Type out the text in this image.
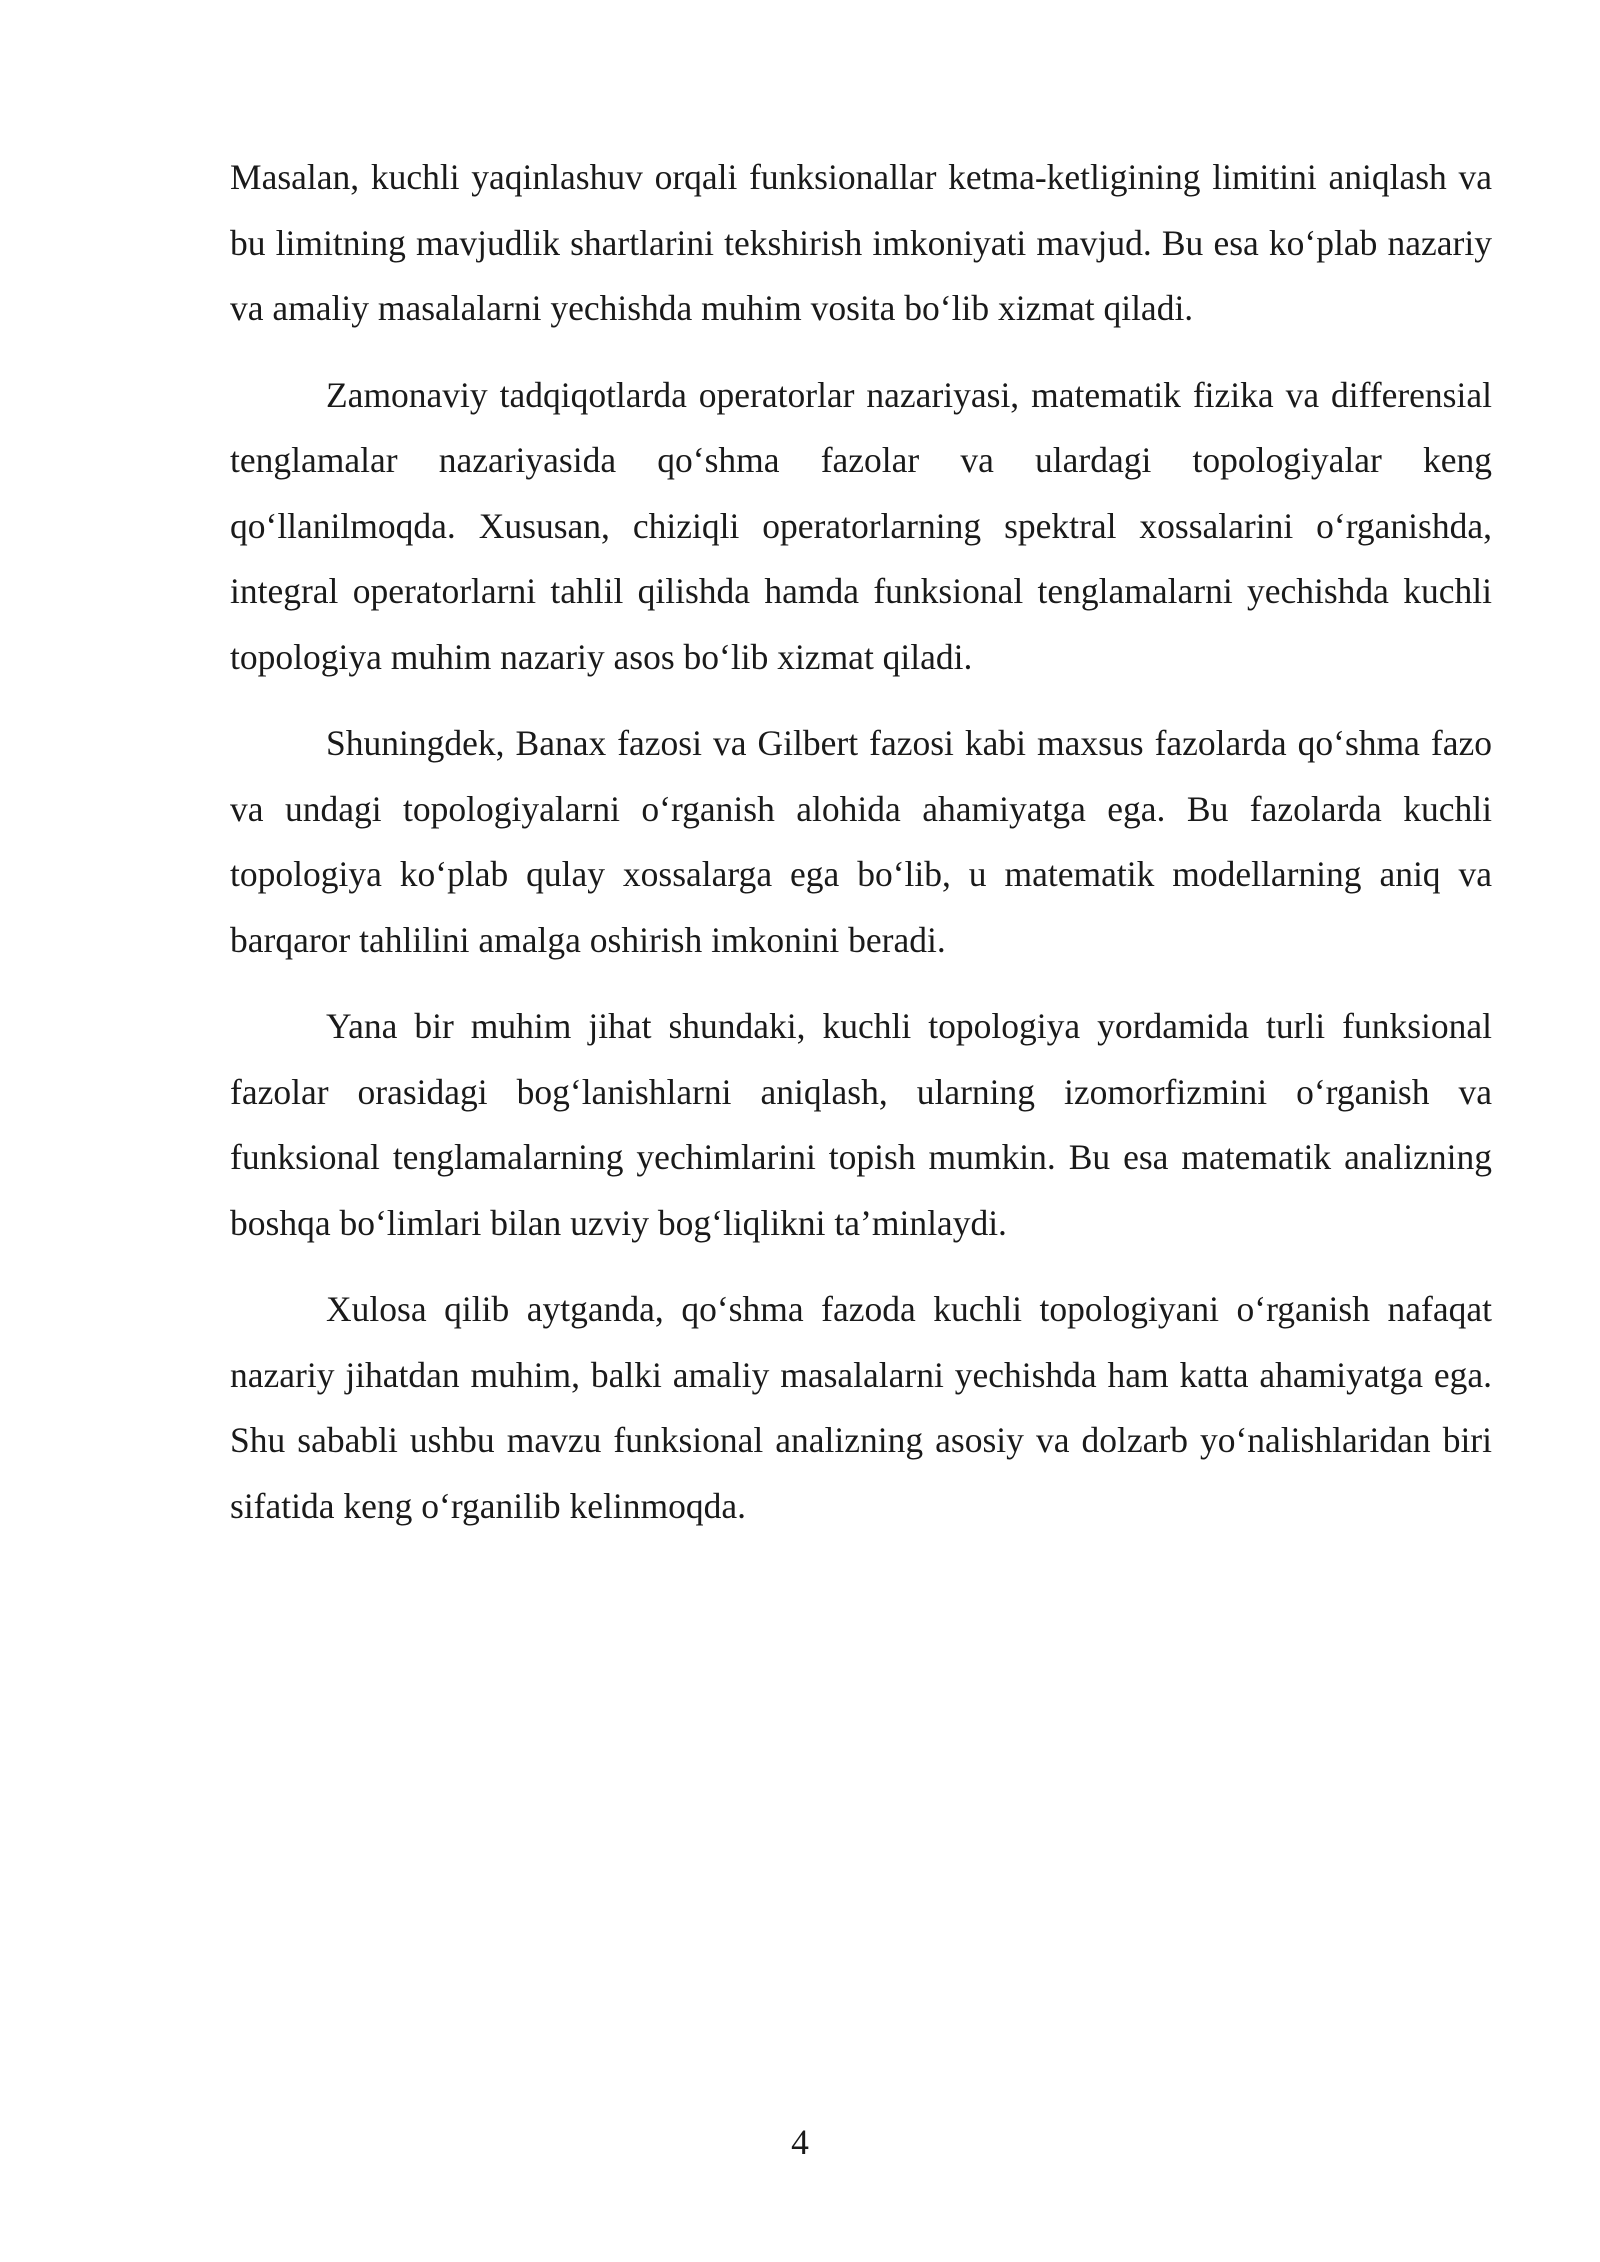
Masalan, kuchli yaqinlashuv orqali funksionallar ketma-ketligining limitini aniqlash va bu limitning mavjudlik shartlarini tekshirish imkoniyati mavjud. Bu esa ko‘plab nazariy va amaliy masalalarni yechishda muhim vosita bo‘lib xizmat qiladi.

Zamonaviy tadqiqotlarda operatorlar nazariyasi, matematik fizika va differensial tenglamalar nazariyasida qo‘shma fazolar va ulardagi topologiyalar keng qo‘llanilmoqda. Xususan, chiziqli operatorlarning spektral xossalarini o‘rganishda, integral operatorlarni tahlil qilishda hamda funksional tenglamalarni yechishda kuchli topologiya muhim nazariy asos bo‘lib xizmat qiladi.

Shuningdek, Banax fazosi va Gilbert fazosi kabi maxsus fazolarda qo‘shma fazo va undagi topologiyalarni o‘rganish alohida ahamiyatga ega. Bu fazolarda kuchli topologiya ko‘plab qulay xossalarga ega bo‘lib, u matematik modellarning aniq va barqaror tahlilini amalga oshirish imkonini beradi.

Yana bir muhim jihat shundaki, kuchli topologiya yordamida turli funksional fazolar orasidagi bog‘lanishlarni aniqlash, ularning izomorfizmini o‘rganish va funksional tenglamalarning yechimlarini topish mumkin. Bu esa matematik analizning boshqa bo‘limlari bilan uzviy bog‘liqlikni ta’minlaydi.

Xulosa qilib aytganda, qo‘shma fazoda kuchli topologiyani o‘rganish nafaqat nazariy jihatdan muhim, balki amaliy masalalarni yechishda ham katta ahamiyatga ega. Shu sababli ushbu mavzu funksional analizning asosiy va dolzarb yo‘nalishlaridan biri sifatida keng o‘rganilib kelinmoqda.

4
